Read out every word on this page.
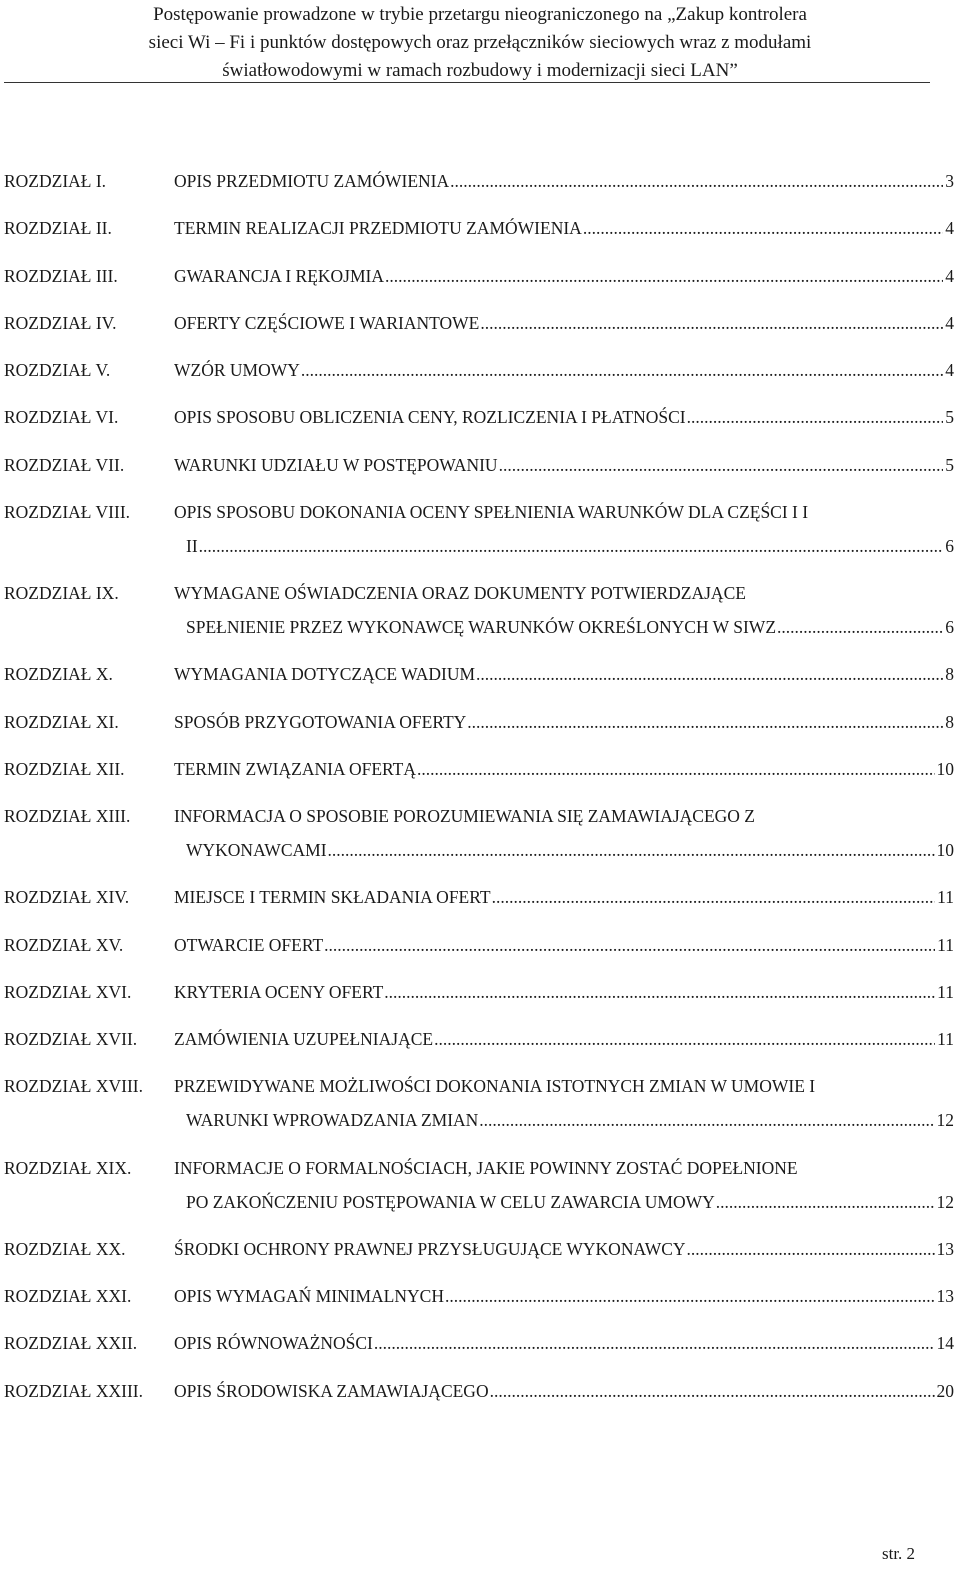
Postępowanie prowadzone w trybie przetargu nieograniczonego na „Zakup kontrolera
sieci Wi – Fi i punktów dostępowych oraz przełączników sieciowych wraz z modułami
światłowodowymi w ramach rozbudowy i modernizacji sieci LAN”
ROZDZIAŁ I.	OPIS PRZEDMIOTU ZAMÓWIENIA .....	3
ROZDZIAŁ II.	TERMIN REALIZACJI PRZEDMIOTU ZAMÓWIENIA .....	4
ROZDZIAŁ III.	GWARANCJA I RĘKOJMIA .....	4
ROZDZIAŁ IV.	OFERTY CZĘŚCIOWE I WARIANTOWE .....	4
ROZDZIAŁ V.	WZÓR UMOWY .....	4
ROZDZIAŁ VI.	OPIS SPOSOBU OBLICZENIA CENY, ROZLICZENIA I PŁATNOŚCI .....	5
ROZDZIAŁ VII.	WARUNKI UDZIAŁU W POSTĘPOWANIU .....	5
ROZDZIAŁ VIII.	OPIS SPOSOBU DOKONANIA OCENY SPEŁNIENIA WARUNKÓW DLA CZĘŚCI I I
II .....	6
ROZDZIAŁ IX.	WYMAGANE OŚWIADCZENIA ORAZ DOKUMENTY POTWIERDZAJĄCE
SPEŁNIENIE PRZEZ WYKONAWCĘ WARUNKÓW OKREŚLONYCH W SIWZ .....	6
ROZDZIAŁ X.	WYMAGANIA DOTYCZĄCE WADIUM .....	8
ROZDZIAŁ XI.	SPOSÓB PRZYGOTOWANIA OFERTY .....	8
ROZDZIAŁ XII.	TERMIN ZWIĄZANIA OFERTĄ .....	10
ROZDZIAŁ XIII. INFORMACJA O SPOSOBIE POROZUMIEWANIA SIĘ ZAMAWIAJĄCEGO Z
WYKONAWCAMI .....	10
ROZDZIAŁ XIV.	MIEJSCE I TERMIN SKŁADANIA OFERT .....	11
ROZDZIAŁ XV.	OTWARCIE OFERT .....	11
ROZDZIAŁ XVI. KRYTERIA OCENY OFERT .....	11
ROZDZIAŁ XVII. ZAMÓWIENIA UZUPEŁNIAJĄCE .....	11
ROZDZIAŁ XVIII. PRZEWIDYWANE MOŻLIWOŚCI DOKONANIA ISTOTNYCH ZMIAN W UMOWIE I
WARUNKI WPROWADZANIA ZMIAN .....	12
ROZDZIAŁ XIX. INFORMACJE O FORMALNOŚCIACH, JAKIE POWINNY ZOSTAĆ DOPEŁNIONE
PO ZAKOŃCZENIU POSTĘPOWANIA W CELU ZAWARCIA UMOWY .....	12
ROZDZIAŁ XX.	ŚRODKI OCHRONY PRAWNEJ PRZYSŁUGUJĄCE WYKONAWCY .....	13
ROZDZIAŁ XXI. OPIS WYMAGAŃ MINIMALNYCH .....	13
ROZDZIAŁ XXII. OPIS RÓWNOWAŻNOŚCI .....	14
ROZDZIAŁ XXIII. OPIS ŚRODOWISKA ZAMAWIAJĄCEGO .....	20
str. 2
